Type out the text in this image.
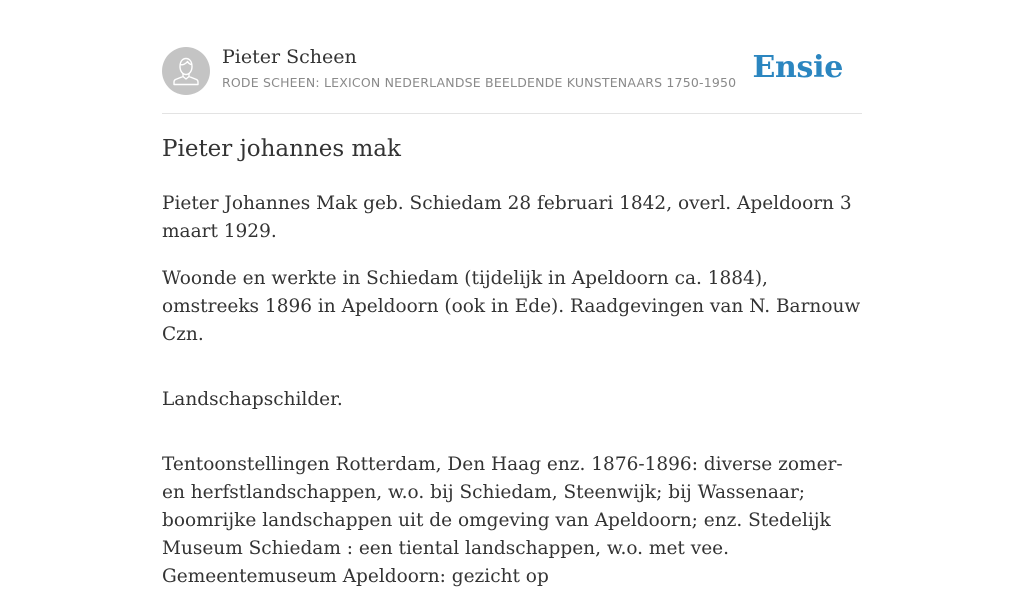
Pieter Scheen
RODE SCHEEN: LEXICON NEDERLANDSE BEELDENDE KUNSTENAARS 1750-1950 Ensie
Pieter johannes mak

Pieter Johannes Mak geb. Schiedam 28 februari 1842, overl. Apeldoorn 3 maart 1929.

Woonde en werkte in Schiedam (tijdelijk in Apeldoorn ca. 1884), omstreeks 1896 in Apeldoorn (ook in Ede). Raadgevingen van N. Barnouw Czn.

Landschapschilder.

Tentoonstellingen Rotterdam, Den Haag enz. 1876-1896: diverse zomer- en herfstlandschappen, w.o. bij Schiedam, Steenwijk; bij Wassenaar; boomrijke landschappen uit de omgeving van Apeldoorn; enz. Stedelijk Museum Schiedam : een tiental landschappen, w.o. met vee. Gemeentemuseum Apeldoorn: gezicht op
